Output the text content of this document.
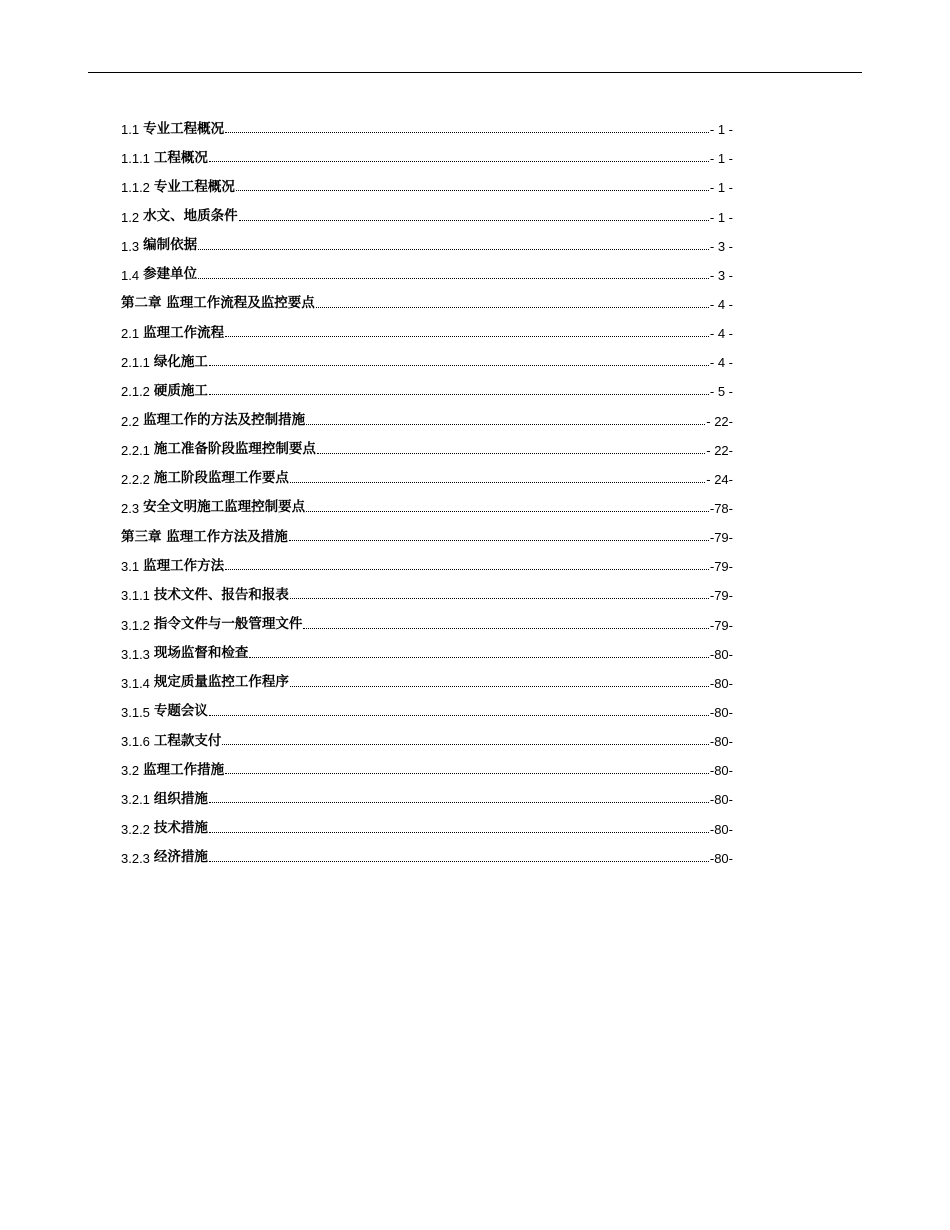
1.1 专业工程概况	- 1 -
1.1.1 工程概况	- 1 -
1.1.2 专业工程概况	- 1 -
1.2 水文、地质条件	- 1 -
1.3 编制依据	- 3 -
1.4 参建单位	- 3 -
第二章 监理工作流程及监控要点	- 4 -
2.1 监理工作流程	- 4 -
2.1.1 绿化施工	- 4 -
2.1.2 硬质施工	- 5 -
2.2 监理工作的方法及控制措施	- 22-
2.2.1 施工准备阶段监理控制要点	- 22-
2.2.2 施工阶段监理工作要点	- 24-
2.3 安全文明施工监理控制要点	-78-
第三章 监理工作方法及措施	-79-
3.1 监理工作方法	-79-
3.1.1 技术文件、报告和报表	-79-
3.1.2 指令文件与一般管理文件	-79-
3.1.3 现场监督和检查	-80-
3.1.4 规定质量监控工作程序	-80-
3.1.5 专题会议	-80-
3.1.6 工程款支付	-80-
3.2 监理工作措施	-80-
3.2.1 组织措施	-80-
3.2.2 技术措施	-80-
3.2.3 经济措施	-80-
